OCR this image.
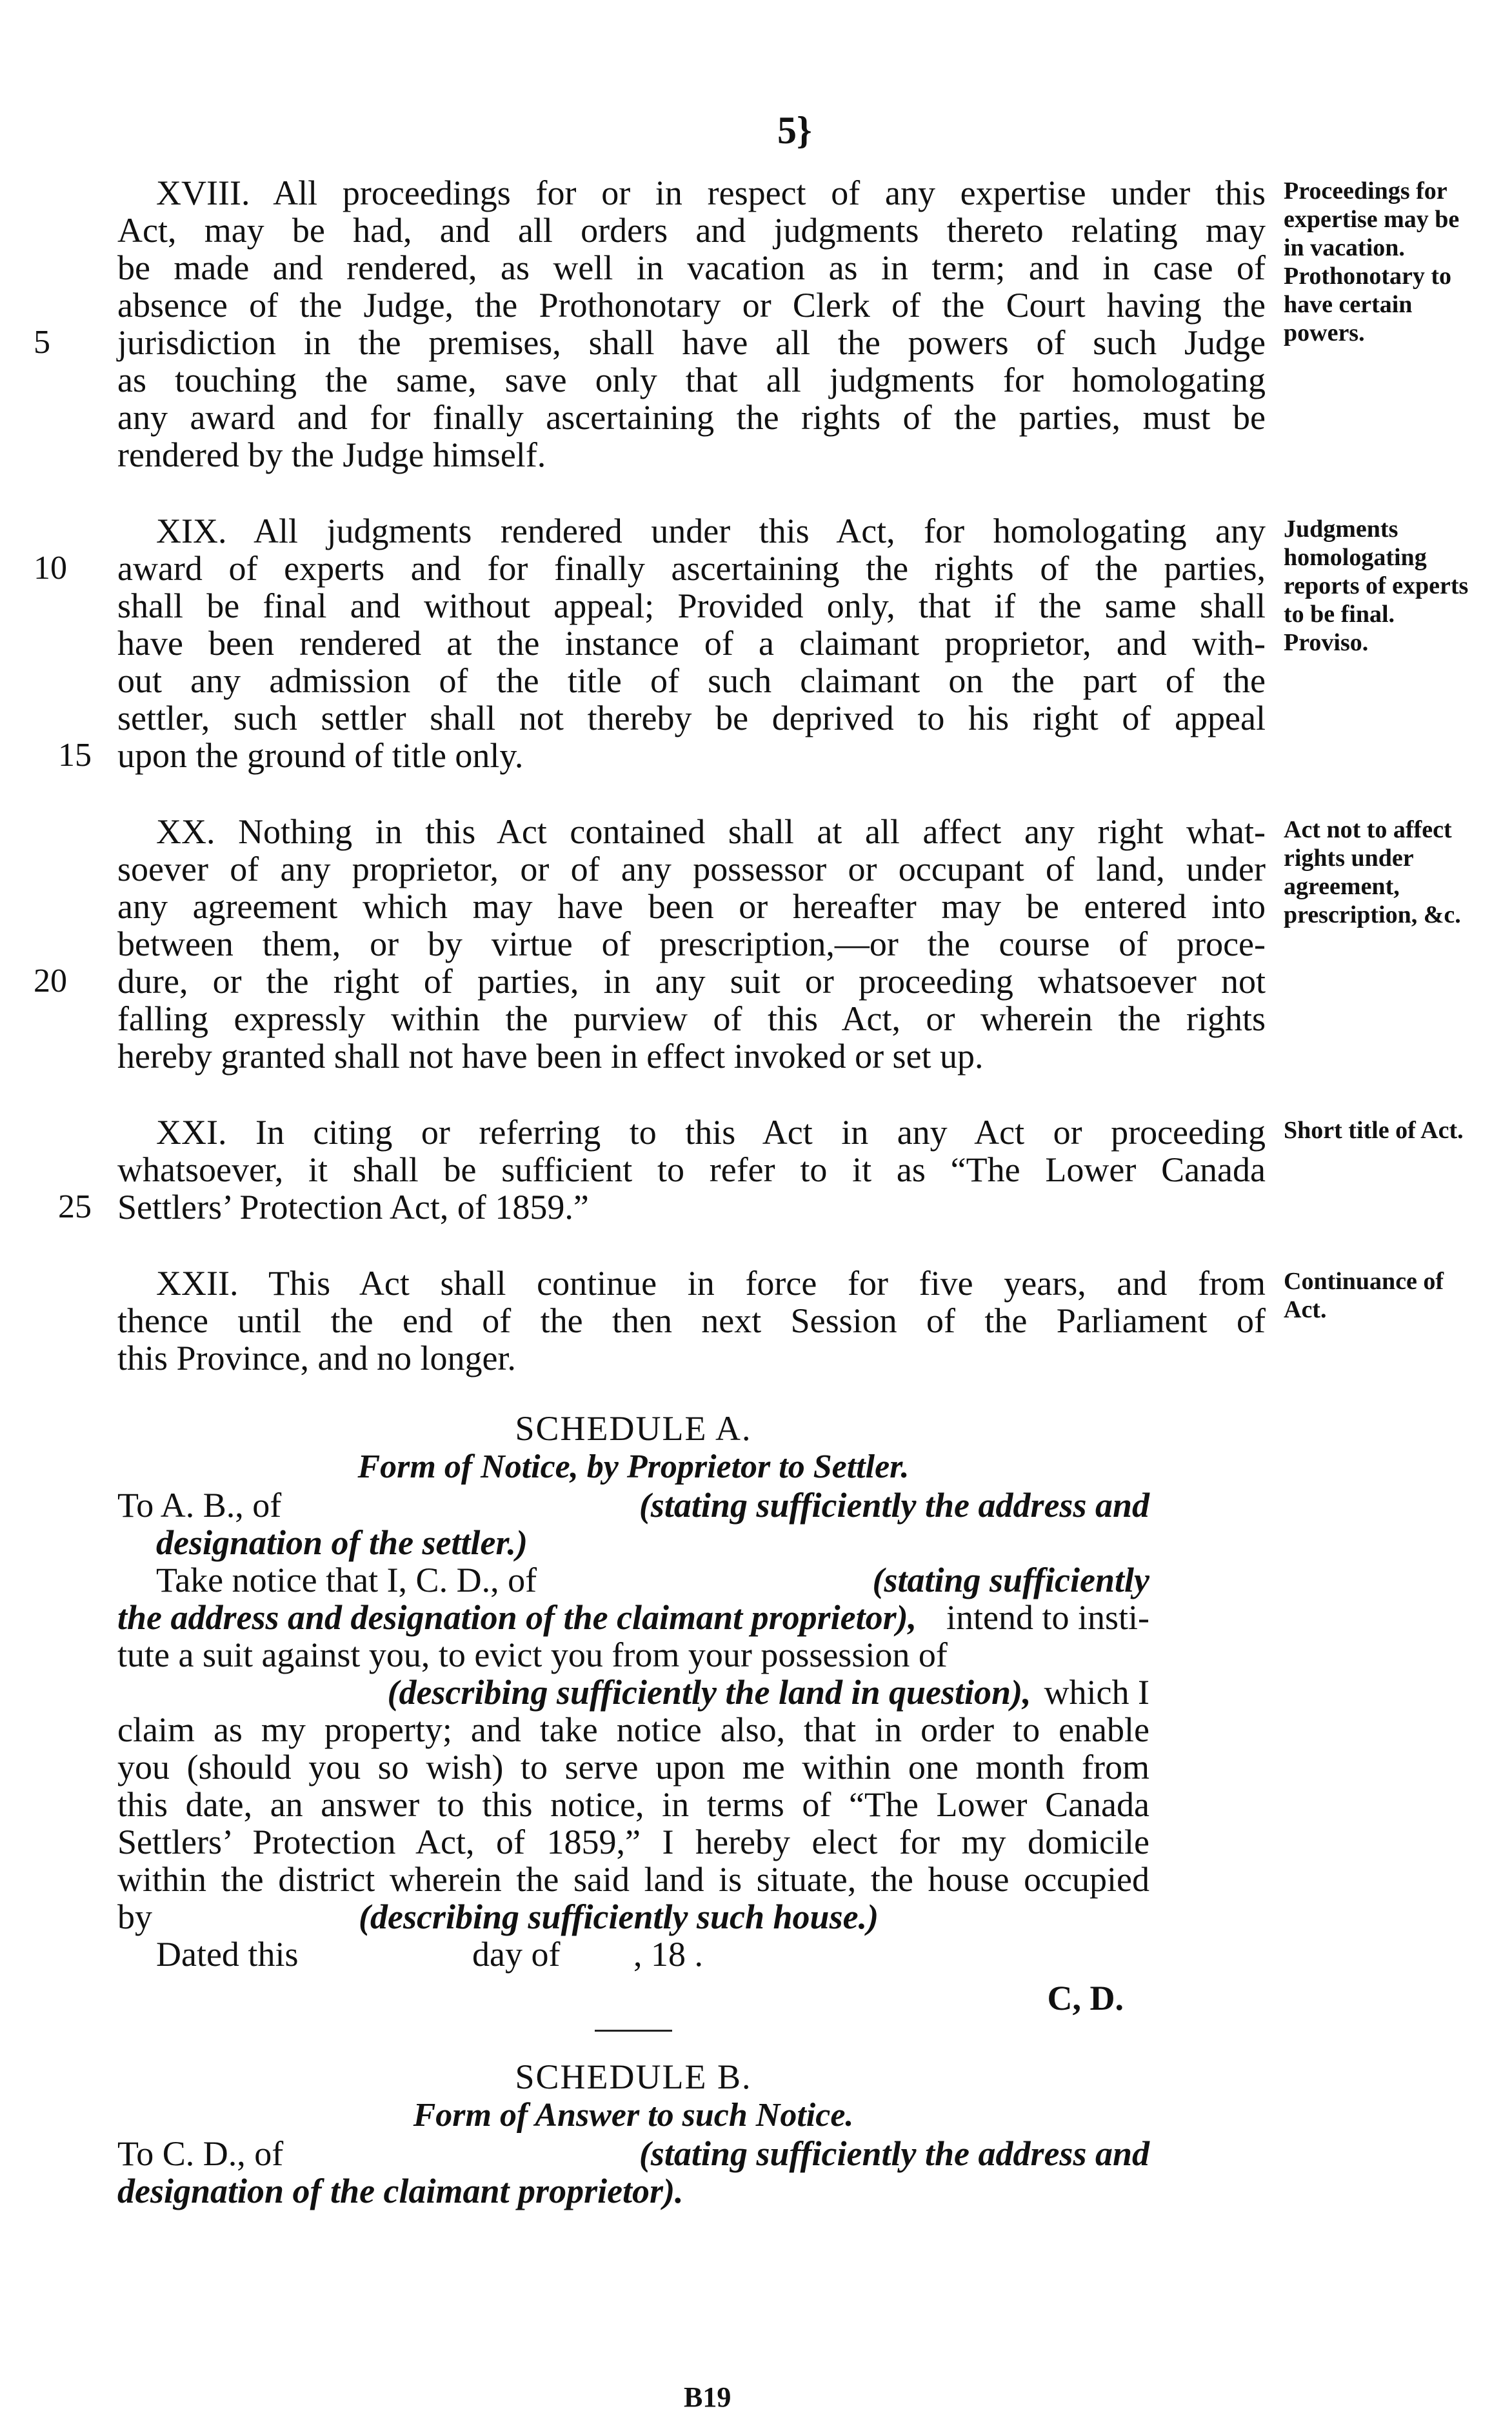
5}
Proceedings for expertise may be in vacation. Prothonotary to have certain powers.
XVIII. All proceedings for or in respect of any expertise under this
Act, may be had, and all orders and judgments thereto relating may
be made and rendered, as well in vacation as in term; and in case of
absence of the Judge, the Prothonotary or Clerk of the Court having the
5	jurisdiction in the premises, shall have all the powers of such Judge
as touching the same, save only that all judgments for homologating
any award and for finally ascertaining the rights of the parties, must be
rendered by the Judge himself.
Judgments homologating reports of experts to be final. Proviso.
XIX. All judgments rendered under this Act, for homologating any
10	award of experts and for finally ascertaining the rights of the parties,
shall be final and without appeal; Provided only, that if the same shall
have been rendered at the instance of a claimant proprietor, and with-
out any admission of the title of such claimant on the part of the
settler, such settler shall not thereby be deprived to his right of appeal
15 upon the ground of title only.
Act not to affect rights under agreement, prescription, &c.
XX. Nothing in this Act contained shall at all affect any right what-
soever of any proprietor, or of any possessor or occupant of land, under
any agreement which may have been or hereafter may be entered into
between them, or by virtue of prescription,—or the course of proce-
20	dure, or the right of parties, in any suit or proceeding whatsoever not
falling expressly within the purview of this Act, or wherein the rights
hereby granted shall not have been in effect invoked or set up.
Short title of Act.
XXI. In citing or referring to this Act in any Act or proceeding
whatsoever, it shall be sufficient to refer to it as “The Lower Canada
25 Settlers’ Protection Act, of 1859.”
Continuance of Act.
XXII. This Act shall continue in force for five years, and from
thence until the end of the then next Session of the Parliament of
this Province, and no longer.
SCHEDULE A.
Form of Notice, by Proprietor to Settler.
To A. B., of	(stating sufficiently the address and
designation of the settler.)
Take notice that I, C. D., of	(stating sufficiently
the address and designation of the claimant proprietor), intend to insti-
tute a suit against you, to evict you from your possession of
(describing sufficiently the land in question), which I
claim as my property; and take notice also, that in order to enable
you (should you so wish) to serve upon me within one month from
this date, an answer to this notice, in terms of “The Lower Canada
Settlers’ Protection Act, of 1859,” I hereby elect for my domicile
within the district wherein the said land is situate, the house occupied
by	(describing sufficiently such house.)
Dated this	day of	, 18 .
C, D.
SCHEDULE B.
Form of Answer to such Notice.
To C. D., of	(stating sufficiently the address and
designation of the claimant proprietor).
B19
